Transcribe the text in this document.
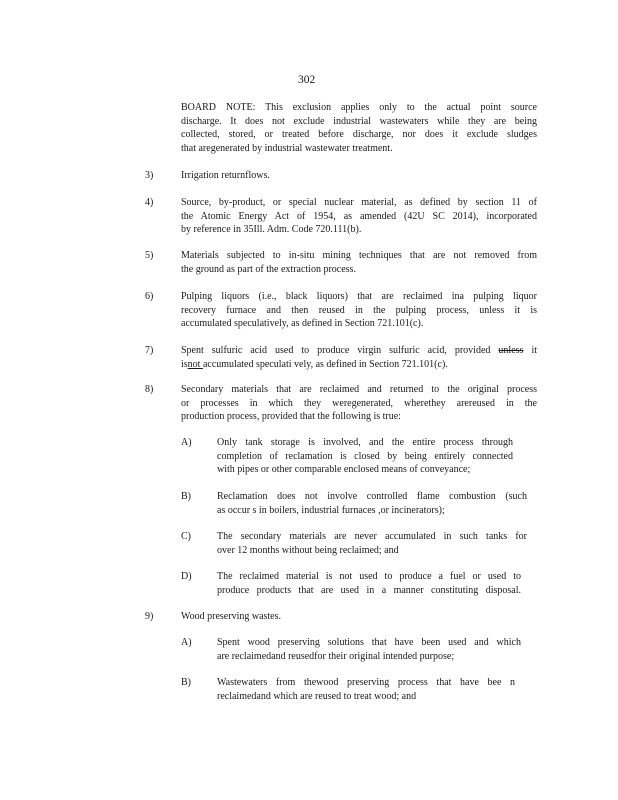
302
BOARD NOTE: This exclusion applies only to the actual point source
discharge. It does not exclude industrial wastewaters while they are being
collected, stored, or treated before discharge, nor does it exclude sludges
that aregenerated by industrial wastewater treatment.
3)	Irrigation returnflows.
4)	Source, by-product, or special nuclear material, as defined by section 11 of
the Atomic Energy Act of 1954, as amended (42U SC 2014), incorporated
by reference in 35Ill. Adm. Code 720.111(b).
5)	Materials subjected to in-situ mining techniques that are not removed from
the ground as part of the extraction process.
6)	Pulping liquors (i.e., black liquors) that are reclaimed ina pulping liquor
recovery furnace and then reused in the pulping process, unless it is
accumulated speculatively, as defined in Section 721.101(c).
7)	Spent sulfuric acid used to produce virgin sulfuric acid, provided unless it
isnot accumulated speculati vely, as defined in Section 721.101(c).
8)	Secondary materials that are reclaimed and returned to the original process
or processes in which they weregenerated, wherethey arereused in the
production process, provided that the following is true:
A)	Only tank storage is involved, and the entire process through
completion of reclamation is closed by being entirely connected
with pipes or other comparable enclosed means of conveyance;
B)	Reclamation does not involve controlled flame combustion (such
as occur s in boilers, industrial furnaces ,or incinerators);
C)	The secondary materials are never accumulated in such tanks for
over 12 months without being reclaimed; and
D)	The reclaimed material is not used to produce a fuel or used to
produce products that are used in a manner constituting disposal.
9)	Wood preserving wastes.
A)	Spent wood preserving solutions that have been used and which
are reclaimedand reusedfor their original intended purpose;
B)	Wastewaters from thewood preserving process that have bee n
reclaimedand which are reused to treat wood; and
